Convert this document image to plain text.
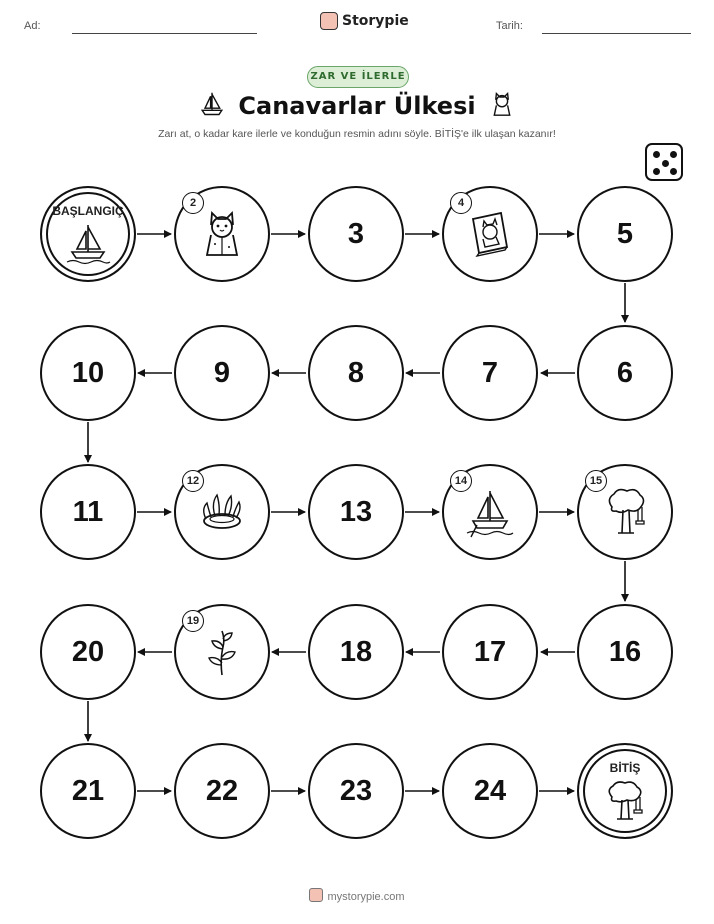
Ad:	Storypie	Tarih:
ZAR VE İLERLE
Canavarlar Ülkesi
Zarı at, o kadar kare ilerle ve konduğun resmin adını söyle. BİTİŞ'e ilk ulaşan kazanır!
BAŞLANGIÇ
2
3
4
5
10	9	8	7	6
11
12
13
14	15
20
19
18	17	16
21	22	23	24
BİTİŞ
mystorypie.com
